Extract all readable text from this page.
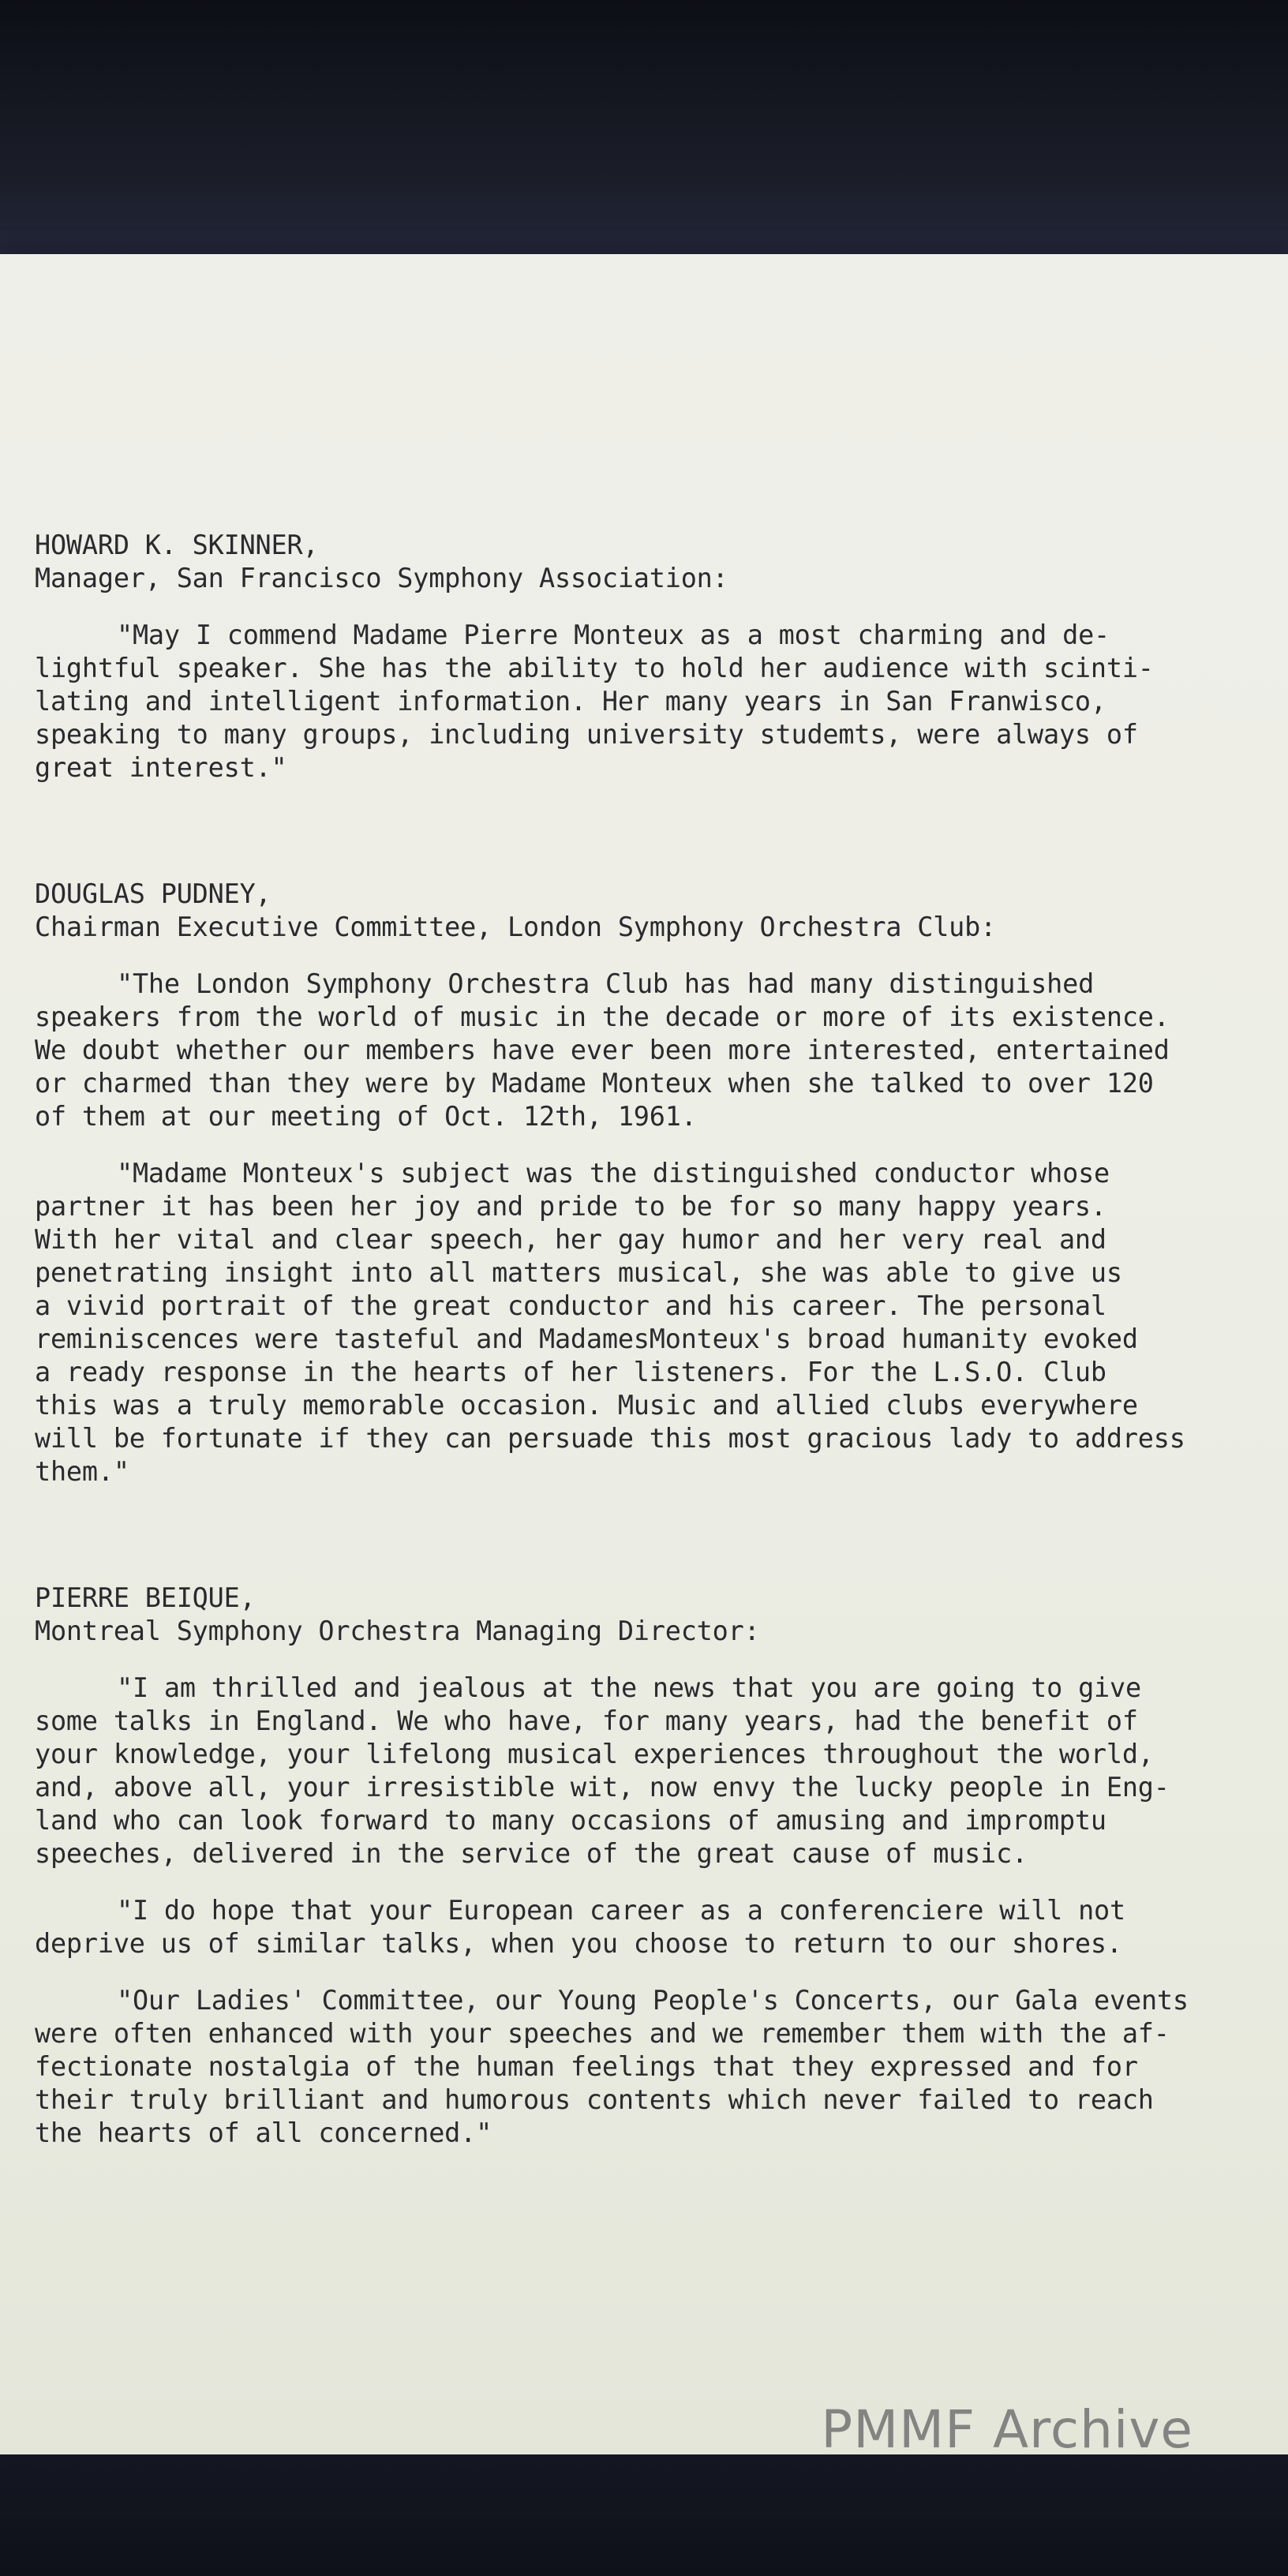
HOWARD K. SKINNER,
Manager, San Francisco Symphony Association:
"May I commend Madame Pierre Monteux as a most charming and de-
lightful speaker. She has the ability to hold her audience with scinti-
lating and intelligent information. Her many years in San Franwisco,
speaking to many groups, including university studemts, were always of
great interest."
DOUGLAS PUDNEY,
Chairman Executive Committee, London Symphony Orchestra Club:
"The London Symphony Orchestra Club has had many distinguished
speakers from the world of music in the decade or more of its existence.
We doubt whether our members have ever been more interested, entertained
or charmed than they were by Madame Monteux when she talked to over 120
of them at our meeting of Oct. 12th, 1961.
"Madame Monteux's subject was the distinguished conductor whose
partner it has been her joy and pride to be for so many happy years.
With her vital and clear speech, her gay humor and her very real and
penetrating insight into all matters musical, she was able to give us
a vivid portrait of the great conductor and his career. The personal
reminiscences were tasteful and MadamesMonteux's broad humanity evoked
a ready response in the hearts of her listeners. For the L.S.O. Club
this was a truly memorable occasion. Music and allied clubs everywhere
will be fortunate if they can persuade this most gracious lady to address
them."
PIERRE BEIQUE,
Montreal Symphony Orchestra Managing Director:
"I am thrilled and jealous at the news that you are going to give
some talks in England. We who have, for many years, had the benefit of
your knowledge, your lifelong musical experiences throughout the world,
and, above all, your irresistible wit, now envy the lucky people in Eng-
land who can look forward to many occasions of amusing and impromptu
speeches, delivered in the service of the great cause of music.
"I do hope that your European career as a conferenciere will not
deprive us of similar talks, when you choose to return to our shores.
"Our Ladies' Committee, our Young People's Concerts, our Gala events
were often enhanced with your speeches and we remember them with the af-
fectionate nostalgia of the human feelings that they expressed and for
their truly brilliant and humorous contents which never failed to reach
the hearts of all concerned."
PMMF Archive
